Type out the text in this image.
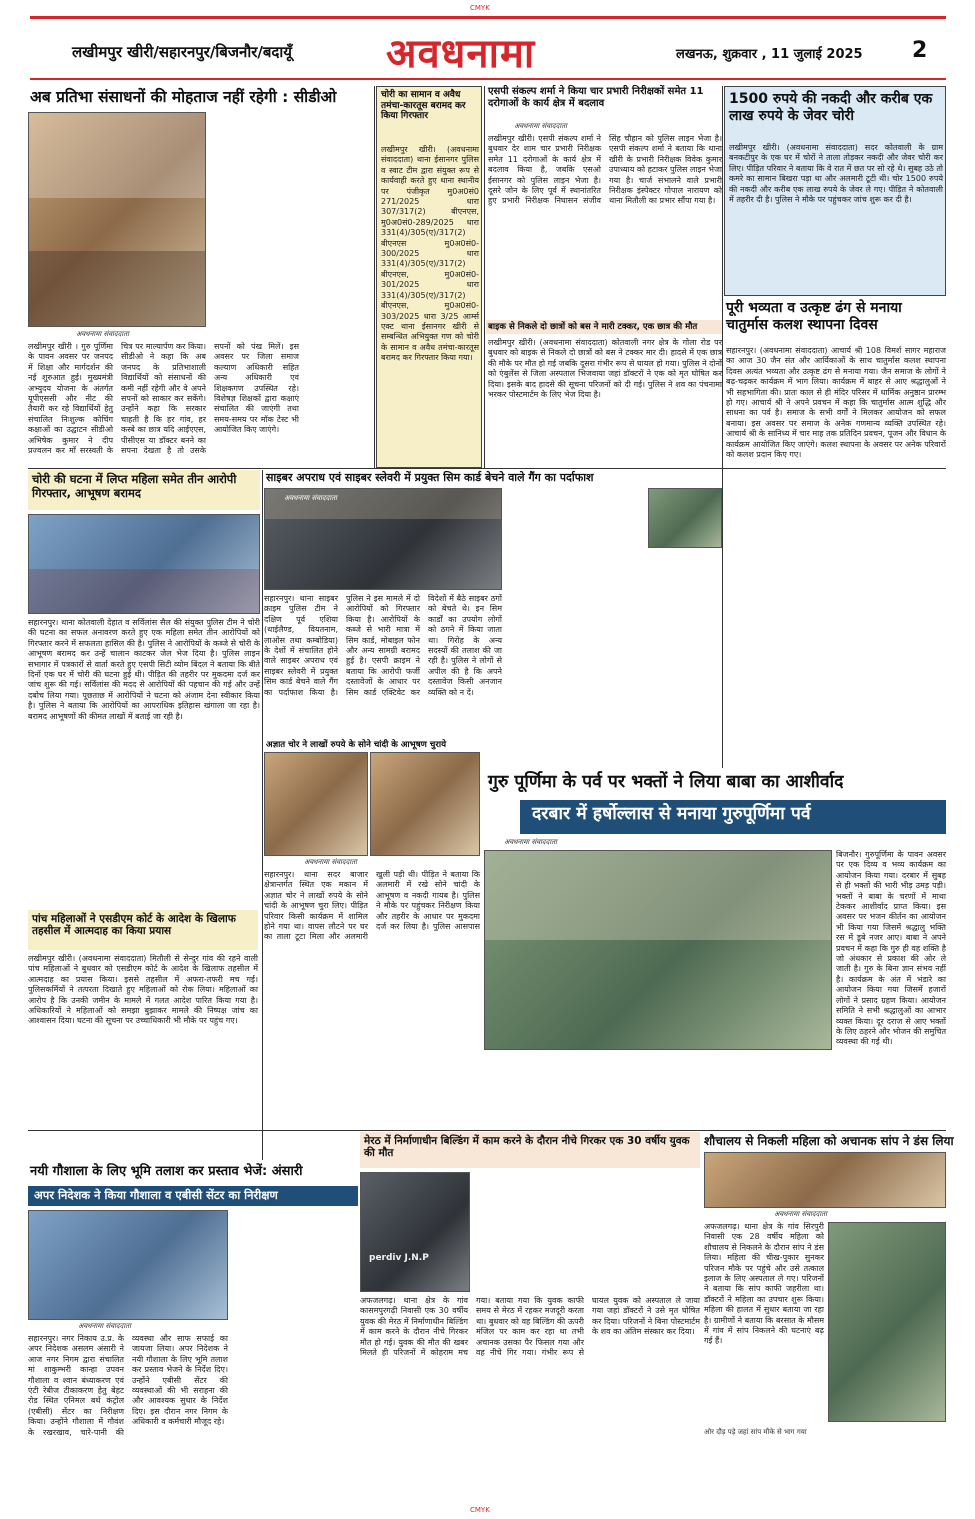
CMYK
लखीमपुर खीरी/सहारनपुर/बिजनौर/बदायूँ अवधनामा	लखनऊ, शुक्रवार , 11 जुलाई 2025 2
अब प्रतिभा संसाधनों की मोहताज नहीं रहेगी : सीडीओ
अवधनामा संवाददाता
लखीमपुर खीरी । गुरु पूर्णिमा के पावन अवसर पर जनपद में शिक्षा और मार्गदर्शन की नई शुरुआत हुई। मुख्यमंत्री अभ्युदय योजना के अंतर्गत यूपीएससी और नीट की तैयारी कर रहे विद्यार्थियों हेतु संचालित निःशुल्क कोचिंग कक्षाओं का उद्घाटन सीडीओ अभिषेक कुमार ने दीप प्रज्वलन कर माँ सरस्वती के चित्र पर माल्यार्पण कर किया। सीडीओ ने कहा कि अब जनपद के प्रतिभाशाली विद्यार्थियों को संसाधनों की कमी नहीं रहेगी और वे अपने सपनों को साकार कर सकेंगे। उन्होंने कहा कि सरकार चाहती है कि हर गांव, हर कस्बे का छात्र यदि आईएएस, पीसीएस या डॉक्टर बनने का सपना देखता है तो उसके सपनों को पंख मिलें। इस अवसर पर जिला समाज कल्याण अधिकारी सहित अन्य अधिकारी एवं शिक्षकगण उपस्थित रहे। विशेषज्ञ शिक्षकों द्वारा कक्षाएं संचालित की जाएंगी तथा समय-समय पर मॉक टेस्ट भी आयोजित किए जाएंगे।
चोरी का सामान व अवैध तमंचा-कारतूस बरामद कर किया गिरफ्तार
लखीमपुर खीरी। (अवधनामा संवाददाता) थाना ईसानगर पुलिस व स्वाट टीम द्वारा संयुक्त रूप से कार्यवाही करते हुए थाना स्थानीय पर पंजीकृत मु0अ0सं0 271/2025 धारा 307/317(2) बीएनएस, मु0अ0सं0-289/2025 धारा 331(4)/305(ए)/317(2) बीएनएस मु0अ0सं0-300/2025 धारा 331(4)/305(ए)/317(2) बीएनएस, मु0अ0सं0-301/2025 धारा 331(4)/305(ए)/317(2) बीएनएस, मु0अ0सं0-303/2025 धारा 3/25 आर्म्स एक्ट थाना ईसानगर खीरी से सम्बन्धित अभियुक्त गण को चोरी के सामान व अवैध तमंचा-कारतूस बरामद कर गिरफ्तार किया गया।
एसपी संकल्प शर्मा ने किया चार प्रभारी निरीक्षकों समेत 11 दरोगाओं के कार्य क्षेत्र में बदलाव
अवधनामा संवाददाता
लखीमपुर खीरी। एसपी संकल्प शर्मा ने बुधवार देर शाम चार प्रभारी निरीक्षक समेत 11 दरोगाओं के कार्य क्षेत्र में बदलाव किया है, जबकि एसओ ईसानगर को पुलिस लाइन भेजा है। दूसरे जोन के लिए पूर्व में स्थानांतरित हुए प्रभारी निरीक्षक निघासन संजीव सिंह चौहान को पुलिस लाइन भेजा है। एसपी संकल्प शर्मा ने बताया कि थाना खीरी के प्रभारी निरीक्षक विवेक कुमार उपाध्याय को हटाकर पुलिस लाइन भेजा गया है। चार्ज संभालने वाले प्रभारी निरीक्षक इंस्पेक्टर गोपाल नारायण को थाना मितौली का प्रभार सौंपा गया है।
बाइक से निकले दो छात्रों को बस ने मारी टक्कर, एक छात्र की मौत
लखीमपुर खीरी। (अवधनामा संवाददाता) कोतवाली नगर क्षेत्र के गोला रोड पर बुधवार को बाइक से निकले दो छात्रों को बस ने टक्कर मार दी। हादसे में एक छात्र की मौके पर मौत हो गई जबकि दूसरा गंभीर रूप से घायल हो गया। पुलिस ने दोनों को एंबुलेंस से जिला अस्पताल भिजवाया जहां डॉक्टरों ने एक को मृत घोषित कर दिया। इसके बाद हादसे की सूचना परिजनों को दी गई। पुलिस ने शव का पंचनामा भरकर पोस्टमार्टम के लिए भेज दिया है।
1500 रुपये की नकदी और करीब एक लाख रुपये के जेवर चोरी
लखीमपुर खीरी। (अवधनामा संवाददाता) सदर कोतवाली के ग्राम बनकटीपुर के एक घर में चोरों ने ताला तोड़कर नकदी और जेवर चोरी कर लिए। पीड़ित परिवार ने बताया कि वे रात में छत पर सो रहे थे। सुबह उठे तो कमरे का सामान बिखरा पड़ा था और अलमारी टूटी थी। चोर 1500 रुपये की नकदी और करीब एक लाख रुपये के जेवर ले गए। पीड़ित ने कोतवाली में तहरीर दी है। पुलिस ने मौके पर पहुंचकर जांच शुरू कर दी है।
पूरी भव्यता व उत्कृष्ट ढंग से मनाया चातुर्मास कलश स्थापना दिवस
सहारनपुर। (अवधनामा संवाददाता) आचार्य श्री 108 विमर्श सागर महाराज का आज 30 जैन संत और आर्यिकाओं के साथ चातुर्मास कलश स्थापना दिवस अत्यंत भव्यता और उत्कृष्ट ढंग से मनाया गया। जैन समाज के लोगों ने बढ़-चढ़कर कार्यक्रम में भाग लिया। कार्यक्रम में बाहर से आए श्रद्धालुओं ने भी सहभागिता की। प्रातः काल से ही मंदिर परिसर में धार्मिक अनुष्ठान प्रारम्भ हो गए। आचार्य श्री ने अपने प्रवचन में कहा कि चातुर्मास आत्म शुद्धि और साधना का पर्व है। समाज के सभी वर्गों ने मिलकर आयोजन को सफल बनाया। इस अवसर पर समाज के अनेक गणमान्य व्यक्ति उपस्थित रहे। आचार्य श्री के सानिध्य में चार माह तक प्रतिदिन प्रवचन, पूजन और विधान के कार्यक्रम आयोजित किए जाएंगे। कलश स्थापना के अवसर पर अनेक परिवारों को कलश प्रदान किए गए।
चोरी की घटना में लिप्त महिला समेत तीन आरोपी गिरफ्तार, आभूषण बरामद
सहारनपुर। थाना कोतवाली देहात व सर्विलांस सैल की संयुक्त पुलिस टीम ने चोरी की घटना का सफल अनावरण करते हुए एक महिला समेत तीन आरोपियों को गिरफ्तार करने में सफलता हासिल की है। पुलिस ने आरोपियों के कब्जे से चोरी के आभूषण बरामद कर उन्हें चालान काटकर जेल भेज दिया है। पुलिस लाइन सभागार में पत्रकारों से वार्ता करते हुए एसपी सिटी व्योम बिंदल ने बताया कि बीते दिनों एक घर में चोरी की घटना हुई थी। पीड़ित की तहरीर पर मुकदमा दर्ज कर जांच शुरू की गई। सर्विलांस की मदद से आरोपियों की पहचान की गई और उन्हें दबोच लिया गया। पूछताछ में आरोपियों ने घटना को अंजाम देना स्वीकार किया है। पुलिस ने बताया कि आरोपियों का आपराधिक इतिहास खंगाला जा रहा है। बरामद आभूषणों की कीमत लाखों में बताई जा रही है।
साइबर अपराध एवं साइबर स्लेवरी में प्रयुक्त सिम कार्ड बेचने वाले गैंग का पर्दाफाश
अवधनामा संवाददाता
सहारनपुर। थाना साइबर क्राइम पुलिस टीम ने दक्षिण पूर्व एशिया (थाईलैण्ड, वियतनाम, लाओस तथा कम्बोडिया) के देशों में संचालित होने वाले साइबर अपराध एवं साइबर स्लेवरी में प्रयुक्त सिम कार्ड बेचने वाले गैंग का पर्दाफाश किया है। पुलिस ने इस मामले में दो आरोपियों को गिरफ्तार किया है। आरोपियों के कब्जे से भारी मात्रा में सिम कार्ड, मोबाइल फोन और अन्य सामग्री बरामद हुई है। एसपी क्राइम ने बताया कि आरोपी फर्जी दस्तावेजों के आधार पर सिम कार्ड एक्टिवेट कर विदेशों में बैठे साइबर ठगों को बेचते थे। इन सिम कार्डों का उपयोग लोगों को ठगने में किया जाता था। गिरोह के अन्य सदस्यों की तलाश की जा रही है। पुलिस ने लोगों से अपील की है कि अपने दस्तावेज किसी अनजान व्यक्ति को न दें।
अज्ञात चोर ने लाखों रुपये के सोने चांदी के आभूषण चुराये
अवधनामा संवाददाता
सहारनपुर। थाना सदर बाजार क्षेत्रान्तर्गत स्थित एक मकान में अज्ञात चोर ने लाखों रुपये के सोने चांदी के आभूषण चुरा लिए। पीड़ित परिवार किसी कार्यक्रम में शामिल होने गया था। वापस लौटने पर घर का ताला टूटा मिला और अलमारी खुली पड़ी थी। पीड़ित ने बताया कि अलमारी में रखे सोने चांदी के आभूषण व नकदी गायब है। पुलिस ने मौके पर पहुंचकर निरीक्षण किया और तहरीर के आधार पर मुकदमा दर्ज कर लिया है। पुलिस आसपास
गुरु पूर्णिमा के पर्व पर भक्तों ने लिया बाबा का आशीर्वाद
दरबार में हर्षोल्लास से मनाया गुरुपूर्णिमा पर्व
अवधनामा संवाददाता
बिजनौर। गुरुपूर्णिमा के पावन अवसर पर एक दिव्य व भव्य कार्यक्रम का आयोजन किया गया। दरबार में सुबह से ही भक्तों की भारी भीड़ उमड़ पड़ी। भक्तों ने बाबा के चरणों में माथा टेककर आशीर्वाद प्राप्त किया। इस अवसर पर भजन कीर्तन का आयोजन भी किया गया जिसमें श्रद्धालु भक्ति रस में डूबे नजर आए। बाबा ने अपने प्रवचन में कहा कि गुरु ही वह शक्ति है जो अंधकार से प्रकाश की ओर ले जाती है। गुरु के बिना ज्ञान संभव नहीं है। कार्यक्रम के अंत में भंडारे का आयोजन किया गया जिसमें हजारों लोगों ने प्रसाद ग्रहण किया। आयोजन समिति ने सभी श्रद्धालुओं का आभार व्यक्त किया। दूर दराज से आए भक्तों के लिए ठहरने और भोजन की समुचित व्यवस्था की गई थी।
पांच महिलाओं ने एसडीएम कोर्ट के आदेश के खिलाफ तहसील में आत्मदाह का किया प्रयास
लखीमपुर खीरी। (अवधनामा संवाददाता) मितौली से सेन्दुर गांव की रहने वाली पांच महिलाओं ने बुधवार को एसडीएम कोर्ट के आदेश के खिलाफ तहसील में आत्मदाह का प्रयास किया। इससे तहसील में अफरा-तफरी मच गई। पुलिसकर्मियों ने तत्परता दिखाते हुए महिलाओं को रोक लिया। महिलाओं का आरोप है कि उनकी जमीन के मामले में गलत आदेश पारित किया गया है। अधिकारियों ने महिलाओं को समझा बुझाकर मामले की निष्पक्ष जांच का आश्वासन दिया। घटना की सूचना पर उच्चाधिकारी भी मौके पर पहुंच गए।
नयी गौशाला के लिए भूमि तलाश कर प्रस्ताव भेजें: अंसारी
अपर निदेशक ने किया गौशाला व एबीसी सेंटर का निरीक्षण
अवधनामा संवाददाता
सहारनपुर। नगर निकाय उ.प्र. के अपर निदेशक असलम अंसारी ने आज नगर निगम द्वारा संचालित मां शाकुम्भरी कान्हा उपवन गौशाला व श्वान बंध्याकरण एवं एंटी रेबीज टीकाकरण हेतु बेहट रोड स्थित एनिमल बर्थ कंट्रोल (एबीसी) सेंटर का निरीक्षण किया। उन्होंने गौशाला में गौवंश के रखरखाव, चारे-पानी की व्यवस्था और साफ सफाई का जायजा लिया। अपर निदेशक ने नयी गौशाला के लिए भूमि तलाश कर प्रस्ताव भेजने के निर्देश दिए। उन्होंने एबीसी सेंटर की व्यवस्थाओं की भी सराहना की और आवश्यक सुधार के निर्देश दिए। इस दौरान नगर निगम के अधिकारी व कर्मचारी मौजूद रहे।
मेरठ में निर्माणाधीन बिल्डिंग में काम करने के दौरान नीचे गिरकर एक 30 वर्षीय युवक की मौत
perdiv J.N.P
अफजलगढ़। थाना क्षेत्र के गांव कासमपुरगढ़ी निवासी एक 30 वर्षीय युवक की मेरठ में निर्माणाधीन बिल्डिंग में काम करने के दौरान नीचे गिरकर मौत हो गई। युवक की मौत की खबर मिलते ही परिजनों में कोहराम मच गया। बताया गया कि युवक काफी समय से मेरठ में रहकर मजदूरी करता था। बुधवार को वह बिल्डिंग की ऊपरी मंजिल पर काम कर रहा था तभी अचानक उसका पैर फिसल गया और वह नीचे गिर गया। गंभीर रूप से घायल युवक को अस्पताल ले जाया गया जहां डॉक्टरों ने उसे मृत घोषित कर दिया। परिजनों ने बिना पोस्टमार्टम के शव का अंतिम संस्कार कर दिया।
शौचालय से निकली महिला को अचानक सांप ने डंस लिया
अवधनामा संवाददाता
अफजलगढ़। थाना क्षेत्र के गांव सिरपुरी निवासी एक 28 वर्षीय महिला को शौचालय से निकलने के दौरान सांप ने डंस लिया। महिला की चीख-पुकार सुनकर परिजन मौके पर पहुंचे और उसे तत्काल इलाज के लिए अस्पताल ले गए। परिजनों ने बताया कि सांप काफी जहरीला था। डॉक्टरों ने महिला का उपचार शुरू किया। महिला की हालत में सुधार बताया जा रहा है। ग्रामीणों ने बताया कि बरसात के मौसम में गांव में सांप निकलने की घटनाएं बढ़ गई हैं।
ओर दौड़ पड़े जहां सांप मौके से भाग गया
CMYK
